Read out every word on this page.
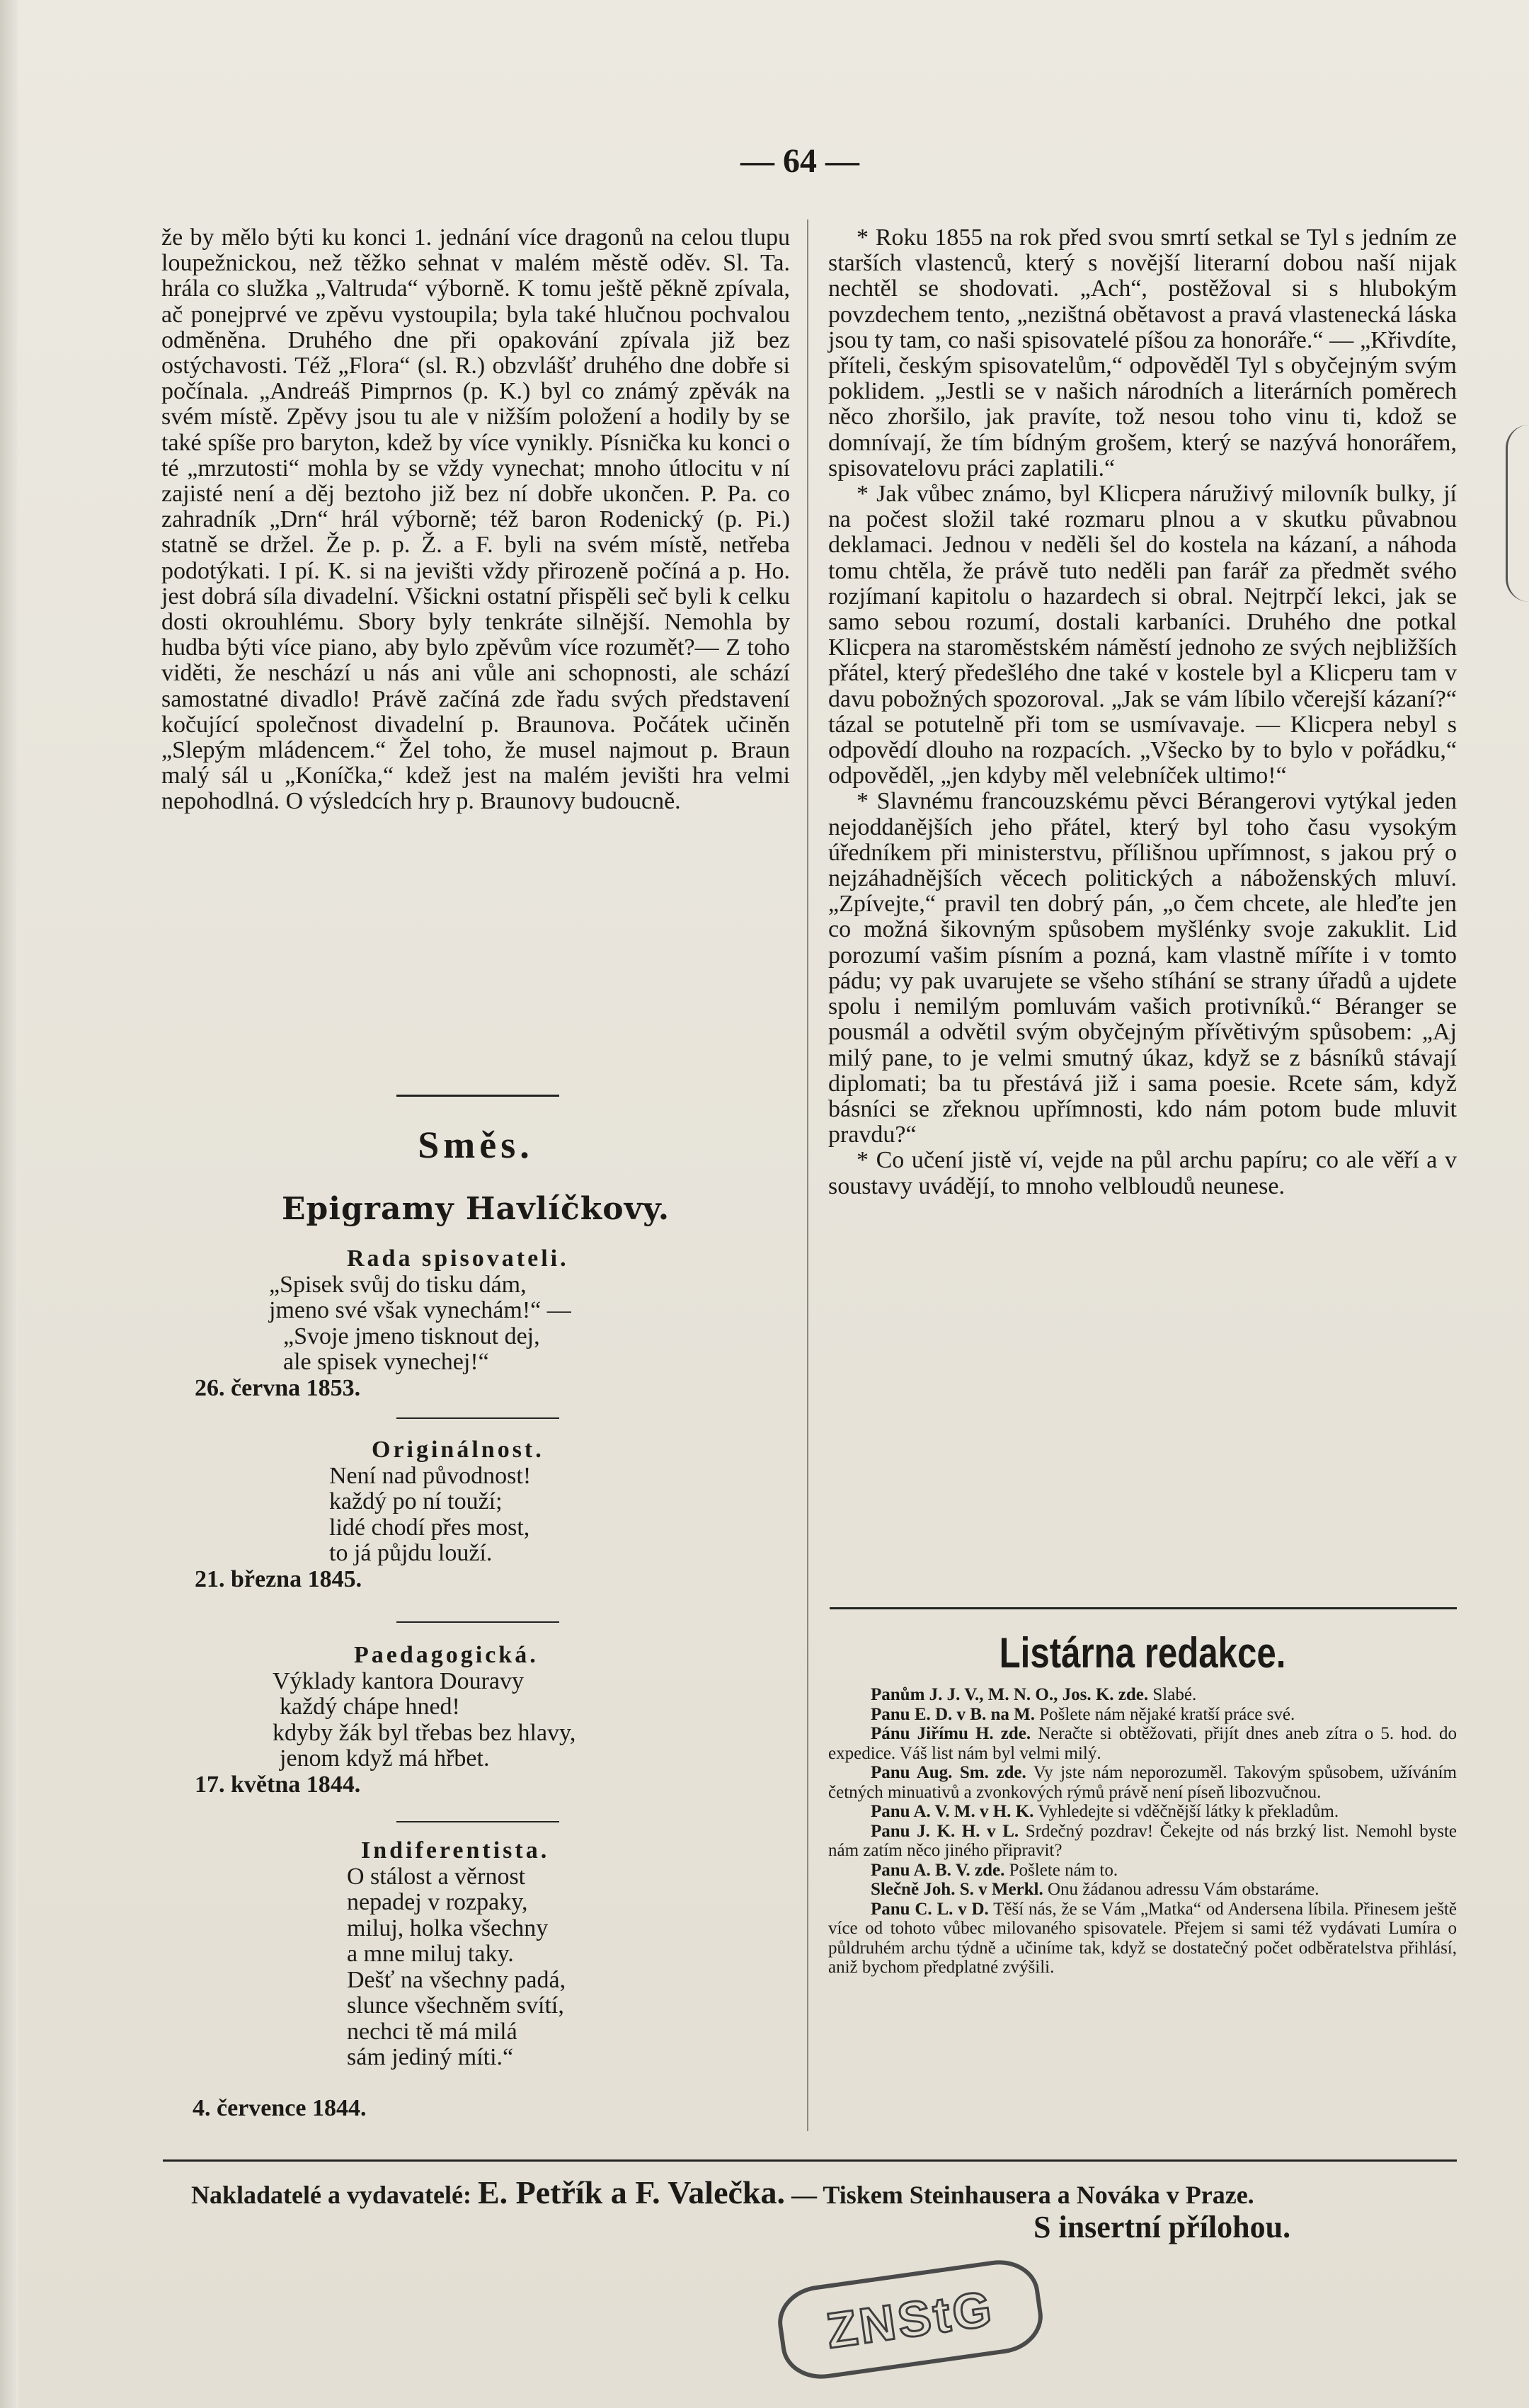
— 64 —

že by mělo býti ku konci 1. jednání více dragonů na celou tlupu loupežnickou, než těžko sehnat v malém městě oděv. Sl. Ta. hrála co služka „Valtruda“ výborně. K tomu ještě pěkně zpívala, ač ponejprvé ve zpěvu vystoupila; byla také hlučnou pochvalou odměněna. Druhého dne při opakování zpívala již bez ostýchavosti. Též „Flora“ (sl. R.) obzvlášť druhého dne dobře si počínala. „Andreáš Pimprnos (p. K.) byl co známý zpěvák na svém místě. Zpěvy jsou tu ale v nižším položení a hodily by se také spíše pro baryton, kdež by více vynikly. Písnička ku konci o té „mrzutosti“ mohla by se vždy vynechat; mnoho útlocitu v ní zajisté není a děj beztoho již bez ní dobře ukončen. P. Pa. co zahradník „Drn“ hrál výborně; též baron Rodenický (p. Pi.) statně se držel. Že p. p. Ž. a F. byli na svém místě, netřeba podotýkati. I pí. K. si na jevišti vždy přirozeně počíná a p. Ho. jest dobrá síla divadelní. Všickni ostatní přispěli seč byli k celku dosti okrouhlému. Sbory byly tenkráte silnější. Nemohla by hudba býti více piano, aby bylo zpěvům více rozumět?— Z toho viděti, že neschází u nás ani vůle ani schopnosti, ale schází samostatné divadlo! Právě začíná zde řadu svých představení kočující společnost divadelní p. Braunova. Počátek učiněn „Slepým mládencem.“ Žel toho, že musel najmout p. Braun malý sál u „Koníčka,“ kdež jest na malém jevišti hra velmi nepohodlná. O výsledcích hry p. Braunovy budoucně.

Směs.
Epigramy Havlíčkovy.
Rada spisovateli.
„Spisek svůj do tisku dám,
jmeno své však vynechám!“ —
„Svoje jmeno tisknout dej,
ale spisek vynechej!“
26. června 1853.
Originálnost.
Není nad původnost!
každý po ní touží;
lidé chodí přes most,
to já půjdu louží.
21. března 1845.
Paedagogická.
Výklady kantora Douravy
každý chápe hned!
kdyby žák byl třebas bez hlavy,
jenom když má hřbet.
17. května 1844.
Indiferentista.
O stálost a věrnost
nepadej v rozpaky,
miluj, holka všechny
a mne miluj taky.
Dešť na všechny padá,
slunce všechněm svítí,
nechci tě má milá
sám jediný míti.“
4. července 1844.

* Roku 1855 na rok před svou smrtí setkal se Tyl s jedním ze starších vlastenců, který s novější literarní dobou naší nijak nechtěl se shodovati. „Ach“, postěžoval si s hlubokým povzdechem tento, „nezištná obětavost a pravá vlastenecká láska jsou ty tam, co naši spisovatelé píšou za honoráře.“ — „Křivdíte, příteli, českým spisovatelům,“ odpověděl Tyl s obyčejným svým poklidem. „Jestli se v našich národních a literárních poměrech něco zhoršilo, jak pravíte, tož nesou toho vinu ti, kdož se domnívají, že tím bídným grošem, který se nazývá honorářem, spisovatelovu práci zaplatili.“

* Jak vůbec známo, byl Klicpera náruživý milovník bulky, jí na počest složil také rozmaru plnou a v skutku půvabnou deklamaci. Jednou v neděli šel do kostela na kázaní, a náhoda tomu chtěla, že právě tuto neděli pan farář za předmět svého rozjímaní kapitolu o hazardech si obral. Nejtrpčí lekci, jak se samo sebou rozumí, dostali karbaníci. Druhého dne potkal Klicpera na staroměstském náměstí jednoho ze svých nejbližších přátel, který předešlého dne také v kostele byl a Klicperu tam v davu pobožných spozoroval. „Jak se vám líbilo včerejší kázaní?“ tázal se potutelně při tom se usmívavaje. — Klicpera nebyl s odpovědí dlouho na rozpacích. „Všecko by to bylo v pořádku,“ odpověděl, „jen kdyby měl velebníček ultimo!“

* Slavnému francouzskému pěvci Bérangerovi vytýkal jeden nejoddanějších jeho přátel, který byl toho času vysokým úředníkem při ministerstvu, přílišnou upřímnost, s jakou prý o nejzáhadnějších věcech politických a náboženských mluví. „Zpívejte,“ pravil ten dobrý pán, „o čem chcete, ale hleďte jen co možná šikovným spůsobem myšlénky svoje zakuklit. Lid porozumí vašim písním a pozná, kam vlastně míříte i v tomto pádu; vy pak uvarujete se všeho stíhání se strany úřadů a ujdete spolu i nemilým pomluvám vašich protivníků.“ Béranger se pousmál a odvětil svým obyčejným přívětivým spůsobem: „Aj milý pane, to je velmi smutný úkaz, když se z básníků stávají diplomati; ba tu přestává již i sama poesie. Rcete sám, když básníci se zřeknou upřímnosti, kdo nám potom bude mluvit pravdu?“

* Co učení jistě ví, vejde na půl archu papíru; co ale věří a v soustavy uvádějí, to mnoho velbloudů neunese.

Listárna redakce.

Panům J. J. V., M. N. O., Jos. K. zde. Slabé.

Panu E. D. v B. na M. Pošlete nám nějaké kratší práce své.

Pánu Jiřímu H. zde. Neračte si obtěžovati, přijít dnes aneb zítra o 5. hod. do expedice. Váš list nám byl velmi milý.

Panu Aug. Sm. zde. Vy jste nám neporozuměl. Takovým spůsobem, užíváním četných minuativů a zvonkových rýmů právě není píseň libozvučnou.

Panu A. V. M. v H. K. Vyhledejte si vděčnější látky k překladům.

Panu J. K. H. v L. Srdečný pozdrav! Čekejte od nás brzký list. Nemohl byste nám zatím něco jiného připravit?

Panu A. B. V. zde. Pošlete nám to.

Slečně Joh. S. v Merkl. Onu žádanou adressu Vám obstaráme.

Panu C. L. v D. Těší nás, že se Vám „Matka“ od Andersena líbila. Přinesem ještě více od tohoto vůbec milovaného spisovatele. Přejem si sami též vydávati Lumíra o půldruhém archu týdně a učiníme tak, když se dostatečný počet odběratelstva přihlásí, aniž bychom předplatné zvýšili.

Nakladatelé a vydavatelé: E. Petřík a F. Valečka. — Tiskem Steinhausera a Nováka v Praze.
S insertní přílohou.
ZNStG
